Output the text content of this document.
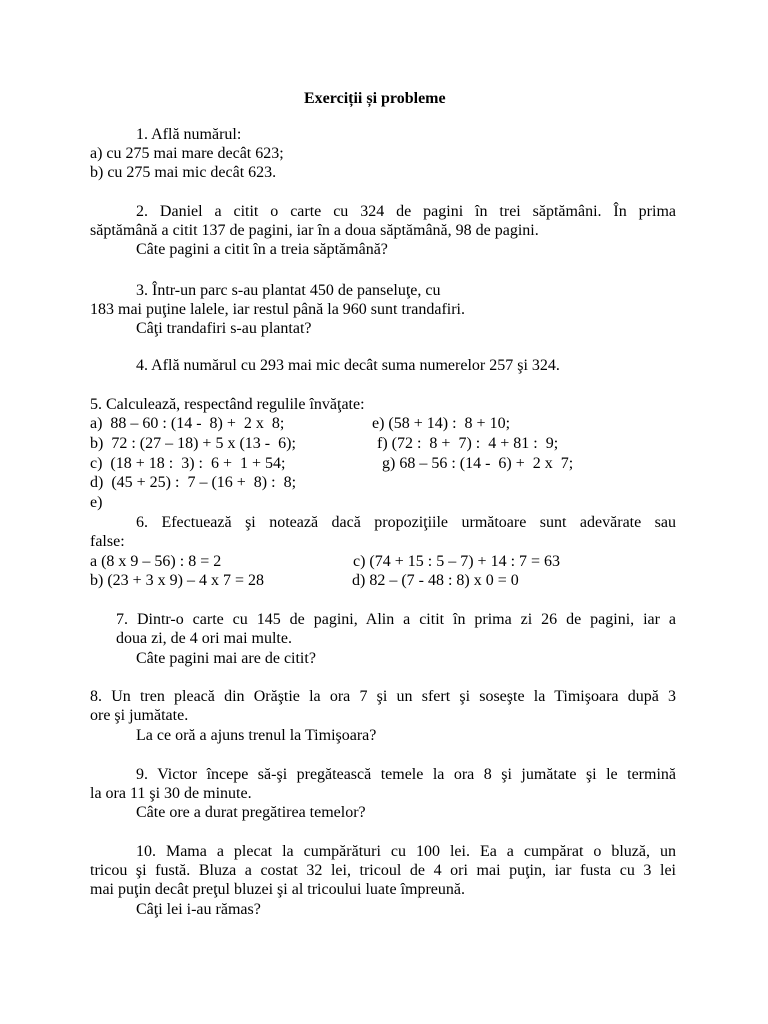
Exerciții și probleme
1. Află numărul:
a) cu 275 mai mare decât 623;
b) cu 275 mai mic decât 623.
2. Daniel a citit o carte cu 324 de pagini în trei săptămâni. În prima
săptămână a citit 137 de pagini, iar în a doua săptămână, 98 de pagini.
Câte pagini a citit în a treia săptămână?
3. Într-un parc s-au plantat 450 de panseluţe, cu
183 mai puţine lalele, iar restul până la 960 sunt trandafiri.
Câţi trandafiri s-au plantat?
4. Află numărul cu 293 mai mic decât suma numerelor 257 şi 324.
5. Calculează, respectând regulile învăţate:
a)  88 – 60 : (14 -  8) +  2 x  8;	e) (58 + 14) :  8 + 10;
b)  72 : (27 – 18) + 5 x (13 -  6);	f) (72 :  8 +  7) :  4 + 81 :  9;
c)  (18 + 18 :  3) :  6 +  1 + 54;	g) 68 – 56 : (14 -  6) +  2 x  7;
d)  (45 + 25) :  7 – (16 +  8) :  8;
e)
6. Efectuează şi notează dacă propoziţiile următoare sunt adevărate sau
false:
a (8 x 9 – 56) : 8 = 2	c) (74 + 15 : 5 – 7) + 14 : 7 = 63
b) (23 + 3 x 9) – 4 x 7 = 28	d) 82 – (7 - 48 : 8) x 0 = 0
7. Dintr-o carte cu 145 de pagini, Alin a citit în prima zi 26 de pagini, iar a
doua zi, de 4 ori mai multe.
Câte pagini mai are de citit?
8. Un tren pleacă din Orăştie la ora 7 şi un sfert şi soseşte la Timişoara după 3
ore şi jumătate.
La ce oră a ajuns trenul la Timişoara?
9. Victor începe să-şi pregătească temele la ora 8 şi jumătate şi le termină
la ora 11 şi 30 de minute.
Câte ore a durat pregătirea temelor?
10. Mama a plecat la cumpărături cu 100 lei. Ea a cumpărat o bluză, un
tricou şi fustă. Bluza a costat 32 lei, tricoul de 4 ori mai puţin, iar fusta cu 3 lei
mai puţin decât preţul bluzei şi al tricoului luate împreună.
Câţi lei i-au rămas?
